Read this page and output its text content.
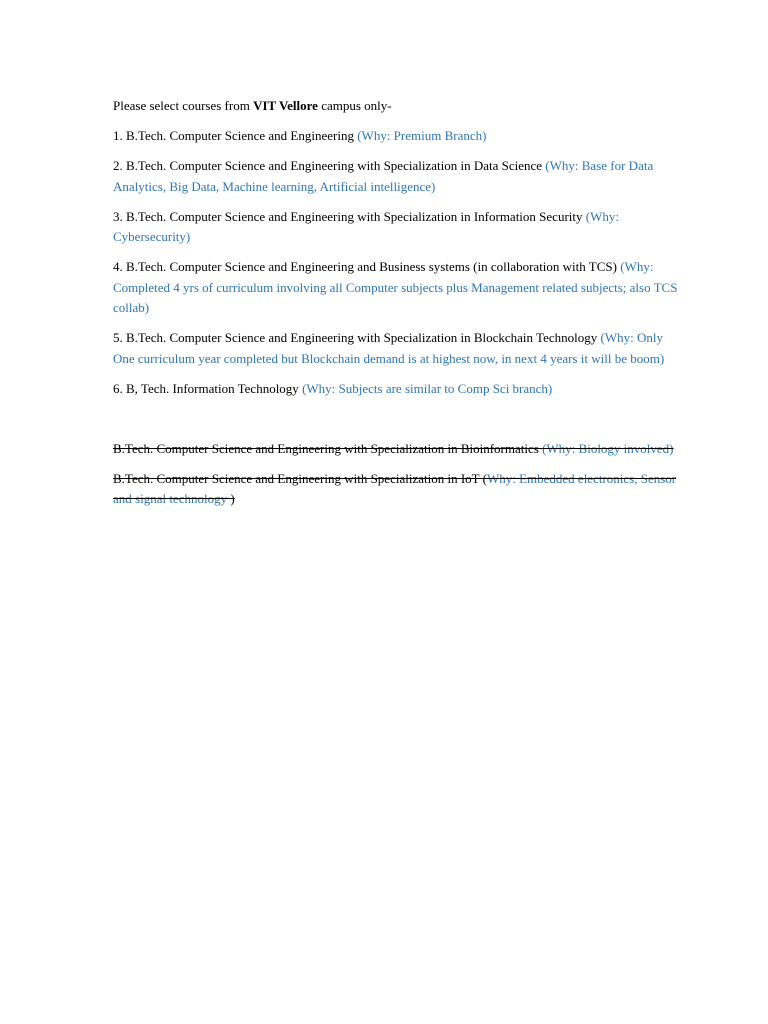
Please select courses from VIT Vellore campus only-

1. B.Tech. Computer Science and Engineering (Why: Premium Branch)

2. B.Tech. Computer Science and Engineering with Specialization in Data Science (Why: Base for Data Analytics, Big Data, Machine learning, Artificial intelligence)

3. B.Tech. Computer Science and Engineering with Specialization in Information Security (Why: Cybersecurity)

4. B.Tech. Computer Science and Engineering and Business systems (in collaboration with TCS) (Why: Completed 4 yrs of curriculum involving all Computer subjects plus Management related subjects; also TCS collab)

5. B.Tech. Computer Science and Engineering with Specialization in Blockchain Technology (Why: Only One curriculum year completed but Blockchain demand is at highest now, in next 4 years it will be boom)

6. B, Tech. Information Technology (Why: Subjects are similar to Comp Sci branch)

B.Tech. Computer Science and Engineering with Specialization in Bioinformatics (Why: Biology involved)

B.Tech. Computer Science and Engineering with Specialization in IoT (Why: Embedded electronics, Sensor and signal technology )
